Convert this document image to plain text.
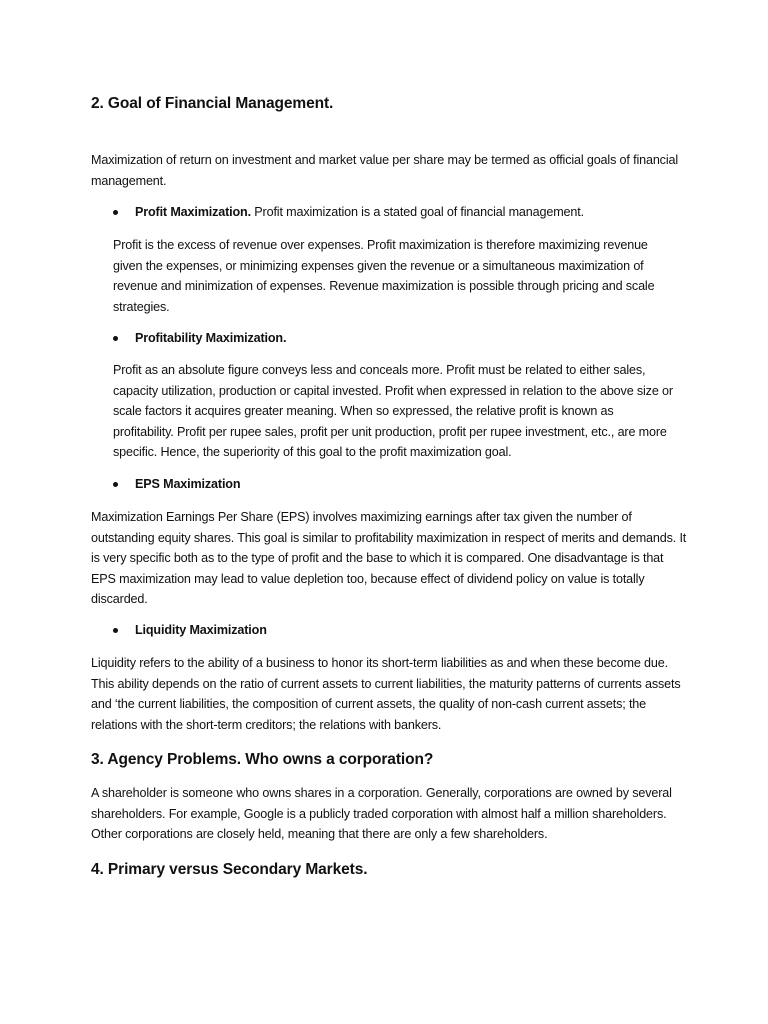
2. Goal of Financial Management.

Maximization of return on investment and market value per share may be termed as official goals of financial management.

Profit Maximization. Profit maximization is a stated goal of financial management.

Profit is the excess of revenue over expenses. Profit maximization is therefore maximizing revenue given the expenses, or minimizing expenses given the revenue or a simultaneous maximization of revenue and minimization of expenses. Revenue maximization is possible through pricing and scale strategies.

Profitability Maximization.

Profit as an absolute figure conveys less and conceals more. Profit must be related to either sales, capacity utilization, production or capital invested. Profit when expressed in relation to the above size or scale factors it acquires greater meaning. When so expressed, the relative profit is known as profitability. Profit per rupee sales, profit per unit production, profit per rupee investment, etc., are more specific. Hence, the superiority of this goal to the profit maximization goal.

EPS Maximization

Maximization Earnings Per Share (EPS) involves maximizing earnings after tax given the number of outstanding equity shares. This goal is similar to profitability maximization in respect of merits and demands. It is very specific both as to the type of profit and the base to which it is compared. One disadvantage is that EPS maximization may lead to value depletion too, because effect of dividend policy on value is totally discarded.

Liquidity Maximization

Liquidity refers to the ability of a business to honor its short-term liabilities as and when these become due. This ability depends on the ratio of current assets to current liabilities, the maturity patterns of currents assets and ‘the current liabilities, the composition of current assets, the quality of non-cash current assets; the relations with the short-term creditors; the relations with bankers.

3. Agency Problems. Who owns a corporation?

A shareholder is someone who owns shares in a corporation. Generally, corporations are owned by several shareholders. For example, Google is a publicly traded corporation with almost half a million shareholders. Other corporations are closely held, meaning that there are only a few shareholders.

4. Primary versus Secondary Markets.
